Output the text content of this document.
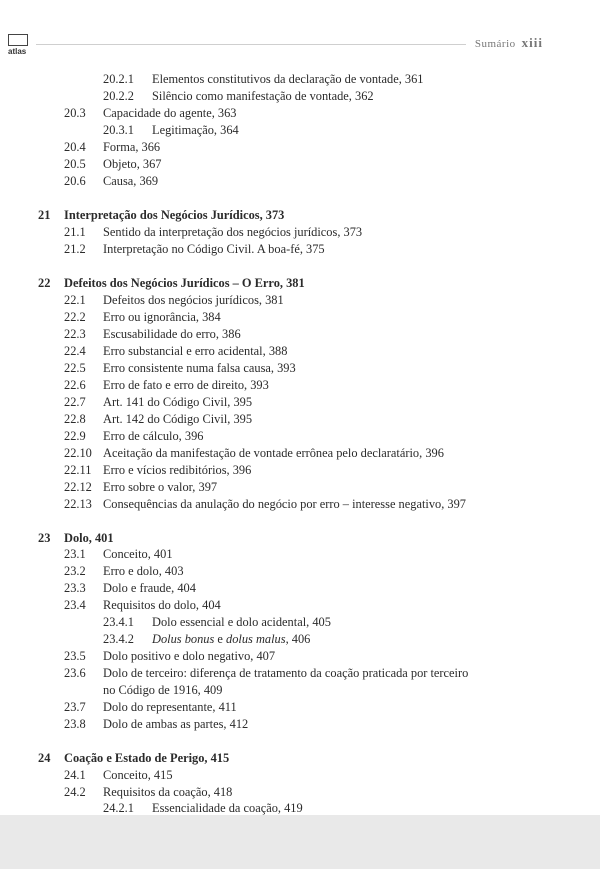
atlas
Sumário xiii
20.2.1 Elementos constitutivos da declaração de vontade, 361
20.2.2 Silêncio como manifestação de vontade, 362
20.3 Capacidade do agente, 363
20.3.1 Legitimação, 364
20.4 Forma, 366
20.5 Objeto, 367
20.6 Causa, 369
21 Interpretação dos Negócios Jurídicos, 373
21.1 Sentido da interpretação dos negócios jurídicos, 373
21.2 Interpretação no Código Civil. A boa-fé, 375
22 Defeitos dos Negócios Jurídicos – O Erro, 381
22.1 Defeitos dos negócios jurídicos, 381
22.2 Erro ou ignorância, 384
22.3 Escusabilidade do erro, 386
22.4 Erro substancial e erro acidental, 388
22.5 Erro consistente numa falsa causa, 393
22.6 Erro de fato e erro de direito, 393
22.7 Art. 141 do Código Civil, 395
22.8 Art. 142 do Código Civil, 395
22.9 Erro de cálculo, 396
22.10 Aceitação da manifestação de vontade errônea pelo declaratário, 396
22.11 Erro e vícios redibitórios, 396
22.12 Erro sobre o valor, 397
22.13 Consequências da anulação do negócio por erro – interesse negativo, 397
23 Dolo, 401
23.1 Conceito, 401
23.2 Erro e dolo, 403
23.3 Dolo e fraude, 404
23.4 Requisitos do dolo, 404
23.4.1 Dolo essencial e dolo acidental, 405
23.4.2 Dolus bonus e dolus malus, 406
23.5 Dolo positivo e dolo negativo, 407
23.6 Dolo de terceiro: diferença de tratamento da coação praticada por terceiro
no Código de 1916, 409
23.7 Dolo do representante, 411
23.8 Dolo de ambas as partes, 412
24 Coação e Estado de Perigo, 415
24.1 Conceito, 415
24.2 Requisitos da coação, 418
24.2.1 Essencialidade da coação, 419
